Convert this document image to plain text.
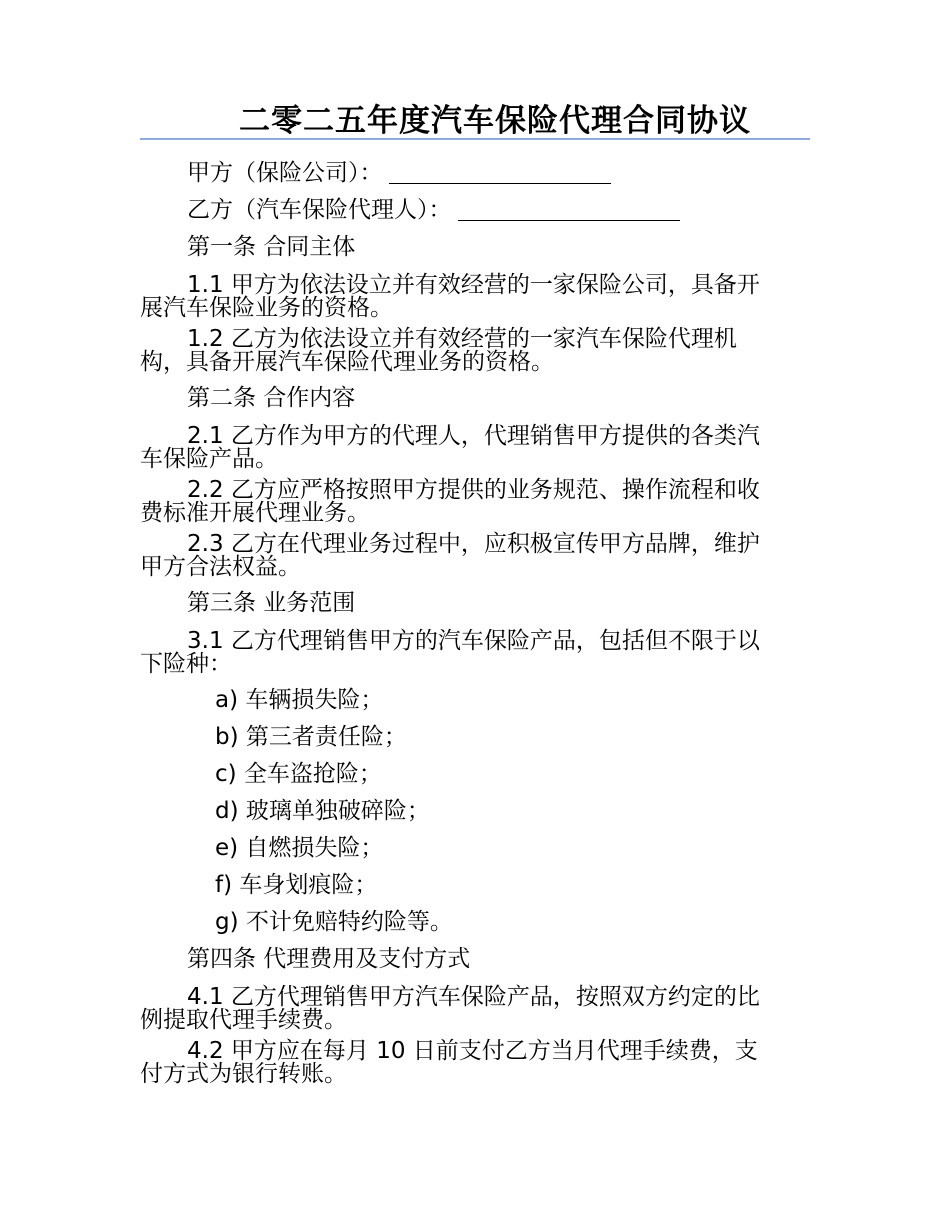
二零二五年度汽车保险代理合同协议
甲方（保险公司）：
乙方（汽车保险代理人）：
第一条 合同主体
1.1 甲方为依法设立并有效经营的一家保险公司，具备开
展汽车保险业务的资格。
1.2 乙方为依法设立并有效经营的一家汽车保险代理机
构，具备开展汽车保险代理业务的资格。
第二条 合作内容
2.1 乙方作为甲方的代理人，代理销售甲方提供的各类汽
车保险产品。
2.2 乙方应严格按照甲方提供的业务规范、操作流程和收
费标准开展代理业务。
2.3 乙方在代理业务过程中，应积极宣传甲方品牌，维护
甲方合法权益。
第三条 业务范围
3.1 乙方代理销售甲方的汽车保险产品，包括但不限于以
下险种：
a) 车辆损失险；
b) 第三者责任险；
c) 全车盗抢险；
d) 玻璃单独破碎险；
e) 自燃损失险；
f) 车身划痕险；
g) 不计免赔特约险等。
第四条 代理费用及支付方式
4.1 乙方代理销售甲方汽车保险产品，按照双方约定的比
例提取代理手续费。
4.2 甲方应在每月 10 日前支付乙方当月代理手续费，支
付方式为银行转账。
